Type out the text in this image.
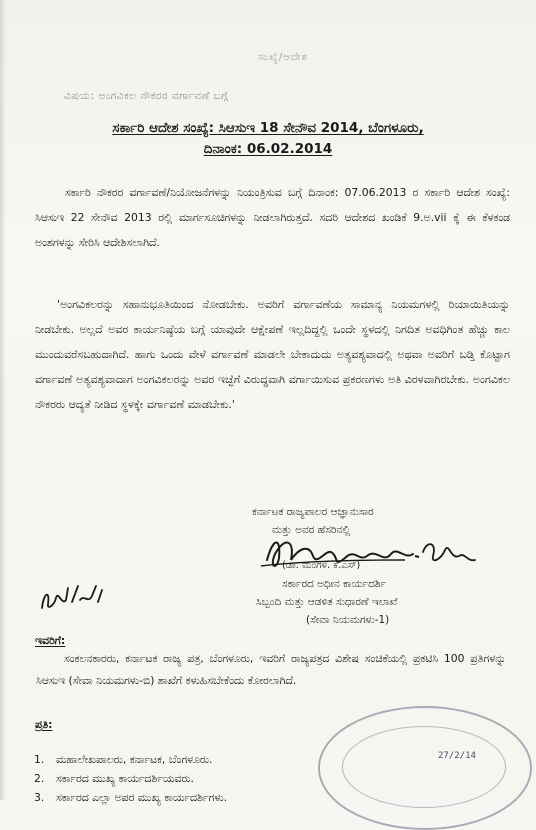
ಸಂಖ್ಯೆ/ಆದೇಶ
ವಿಷಯ: ಅಂಗವಿಕಲ ನೌಕರರ ವರ್ಗಾವಣೆ ಬಗ್ಗೆ
ಸರ್ಕಾರಿ ಆದೇಶ ಸಂಖ್ಯೆ: ಸಿಆಸುಇ 18 ಸೇನೌವ 2014, ಬೆಂಗಳೂರು,
ದಿನಾಂಕ: 06.02.2014
ಸರ್ಕಾರಿ ನೌಕರರ ವರ್ಗಾವಣೆ/ನಿಯೋಜನೆಗಳನ್ನು ನಿಯಂತ್ರಿಸುವ ಬಗ್ಗೆ ದಿನಾಂಕ: 07.06.2013 ರ ಸರ್ಕಾರಿ ಆದೇಶ ಸಂಖ್ಯೆ: ಸಿಆಸುಇ 22 ಸೇನೌವ 2013 ರಲ್ಲಿ ಮಾರ್ಗಸೂಚಿಗಳನ್ನು ನೀಡಲಾಗಿರುತ್ತದೆ. ಸದರಿ ಆದೇಶದ ಖಂಡಿಕೆ 9.ಅ.vii ಕ್ಕೆ ಈ ಕೆಳಕಂಡ ಅಂಶಗಳನ್ನು ಸೇರಿಸಿ ಆದೇಶಿಸಲಾಗಿದೆ.
'ಅಂಗವಿಕಲರನ್ನು ಸಹಾನುಭೂತಿಯಿಂದ ನೋಡಬೇಕು. ಅವರಿಗೆ ವರ್ಗಾವಣೆಯ ಸಾಮಾನ್ಯ ನಿಯಮಗಳಲ್ಲಿ ರಿಯಾಯಿತಿಯನ್ನು ನೀಡಬೇಕು. ಅಲ್ಲದೆ ಅವರ ಕಾರ್ಯನಿಷ್ಠೆಯ ಬಗ್ಗೆ ಯಾವುದೇ ಆಕ್ಷೇಪಣೆ ಇಲ್ಲದಿದ್ದಲ್ಲಿ ಒಂದೇ ಸ್ಥಳದಲ್ಲಿ ನಿಗದಿತ ಅವಧಿಗಿಂತ ಹೆಚ್ಚು ಕಾಲ ಮುಂದುವರೆಸಬಹುದಾಗಿದೆ. ಹಾಗು ಒಂದು ವೇಳೆ ವರ್ಗಾವಣೆ ಮಾಡಲೇ ಬೇಕಾದುದು ಅತ್ಯವಶ್ಯವಾದಲ್ಲಿ ಅಥವಾ ಅವರಿಗೆ ಬಡ್ತಿ ಕೊಟ್ಟಾಗ ವರ್ಗಾವಣೆ ಅತ್ಯವಶ್ಯವಾದಾಗ ಅಂಗವಿಕಲರನ್ನು ಅವರ ಇಚ್ಛೆಗೆ ವಿರುದ್ಧವಾಗಿ ವರ್ಗಾಯಿಸುವ ಪ್ರಕರಣಗಳು ಅತಿ ವಿರಳವಾಗಿರಬೇಕು. ಅಂಗವಿಕಲ ನೌಕರರು ಆದ್ಯತೆ ನೀಡಿದ ಸ್ಥಳಕ್ಕೇ ವರ್ಗಾವಣೆ ಮಾಡಬೇಕು.'
ಕರ್ನಾಟಕ ರಾಜ್ಯಪಾಲರ ಆಜ್ಞಾನುಸಾರ
ಮತ್ತು ಅವರ ಹೆಸರಿನಲ್ಲಿ
(ಡಾ. ಮಂಗಳ. ಕೆ.ಎಸ್)
ಸರ್ಕಾರದ ಅಧೀನ ಕಾರ್ಯದರ್ಶಿ
ಸಿಬ್ಬಂದಿ ಮತ್ತು ಆಡಳಿತ ಸುಧಾರಣೆ ಇಲಾಖೆ
(ಸೇವಾ ನಿಯಮಗಳು-1)
ಇವರಿಗೆ:
ಸಂಕಲನಕಾರರು, ಕರ್ನಾಟಕ ರಾಜ್ಯ ಪತ್ರ, ಬೆಂಗಳೂರು, ಇವರಿಗೆ ರಾಜ್ಯಪತ್ರದ ವಿಶೇಷ ಸಂಚಿಕೆಯಲ್ಲಿ ಪ್ರಕಟಿಸಿ 100 ಪ್ರತಿಗಳನ್ನು ಸಿಆಸುಇ (ಸೇವಾ ನಿಯಮಗಳು-ಬಿ) ಶಾಖೆಗೆ ಕಳುಹಿಸಬೇಕೆಂದು ಕೋರಲಾಗಿದೆ.
ಪ್ರತಿ:
27/2/14
1. ಮಹಾಲೇಖಪಾಲರು, ಕರ್ನಾಟಕ, ಬೆಂಗಳೂರು.
2. ಸರ್ಕಾರದ ಮುಖ್ಯ ಕಾರ್ಯದರ್ಶಿಯವರು.
3. ಸರ್ಕಾರದ ಎಲ್ಲಾ ಅಪರ ಮುಖ್ಯ ಕಾರ್ಯದರ್ಶಿಗಳು.
